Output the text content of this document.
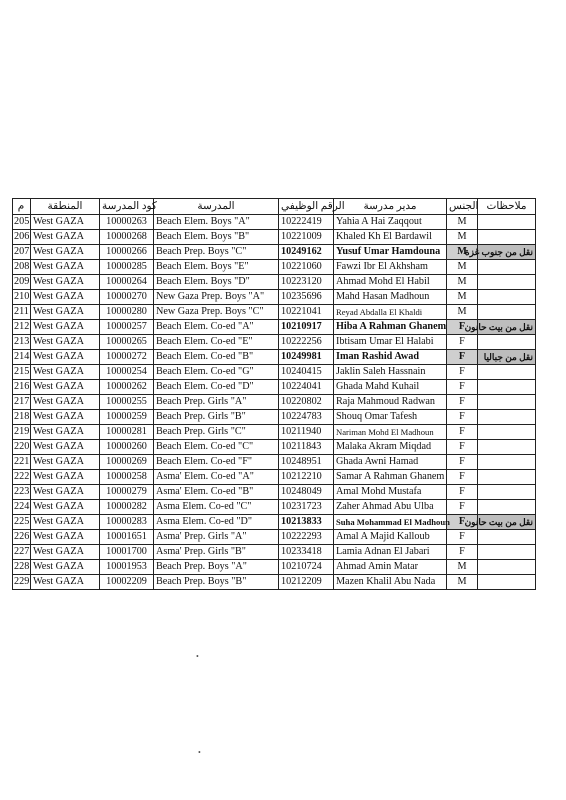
م	المنطقة	كود المدرسة	المدرسة	الرقم الوظيفي	مدير مدرسة	الجنس	ملاحظات
205	West GAZA	10000263	Beach Elem. Boys "A"	10222419	Yahia A Hai Zaqqout	M	
206	West GAZA	10000268	Beach Elem. Boys "B"	10221009	Khaled Kh El Bardawil	M	
207	West GAZA	10000266	Beach Prep. Boys "C"	10249162	Yusuf Umar Hamdouna	M	نقل من جنوب غزة
208	West GAZA	10000285	Beach Elem. Boys "E"	10221060	Fawzi Ibr El Akhsham	M	
209	West GAZA	10000264	Beach Elem. Boys "D"	10223120	Ahmad Mohd El Habil	M	
210	West GAZA	10000270	New Gaza Prep. Boys "A"	10235696	Mahd Hasan Madhoun	M	
211	West GAZA	10000280	New Gaza Prep. Boys "C"	10221041	Reyad Abdalla El Khaldi	M	
212	West GAZA	10000257	Beach Elem. Co-ed "A"	10210917	Hiba A Rahman Ghanem	F	نقل من بيت حانون
213	West GAZA	10000265	Beach Elem. Co-ed "E"	10222256	Ibtisam Umar El Halabi	F	
214	West GAZA	10000272	Beach Elem. Co-ed "B"	10249981	Iman Rashid Awad	F	نقل من جباليا
215	West GAZA	10000254	Beach Elem. Co-ed "G"	10240415	Jaklin Saleh Hassnain	F	
216	West GAZA	10000262	Beach Elem. Co-ed "D"	10224041	Ghada Mahd Kuhail	F	
217	West GAZA	10000255	Beach Prep. Girls "A"	10220802	Raja Mahmoud Radwan	F	
218	West GAZA	10000259	Beach Prep. Girls "B"	10224783	Shouq Omar Tafesh	F	
219	West GAZA	10000281	Beach Prep. Girls "C"	10211940	Nariman Mohd El Madhoun	F	
220	West GAZA	10000260	Beach Elem. Co-ed "C"	10211843	Malaka Akram Miqdad	F	
221	West GAZA	10000269	Beach Elem. Co-ed "F"	10248951	Ghada Awni Hamad	F	
222	West GAZA	10000258	Asma' Elem. Co-ed "A"	10212210	Samar A Rahman Ghanem	F	
223	West GAZA	10000279	Asma' Elem. Co-ed "B"	10248049	Amal Mohd Mustafa	F	
224	West GAZA	10000282	Asma Elem. Co-ed "C"	10231723	Zaher Ahmad Abu Ulba	F	
225	West GAZA	10000283	Asma Elem. Co-ed "D"	10213833	Suha Mohammad El Madhoun	F	نقل من بيت حانون
226	West GAZA	10001651	Asma' Prep. Girls "A"	10222293	Amal A Majid Kalloub	F	
227	West GAZA	10001700	Asma' Prep. Girls "B"	10233418	Lamia Adnan El Jabari	F	
228	West GAZA	10001953	Beach Prep. Boys "A"	10210724	Ahmad Amin Matar	M	
229	West GAZA	10002209	Beach Prep. Boys "B"	10212209	Mazen Khalil Abu Nada	M	
•
•
